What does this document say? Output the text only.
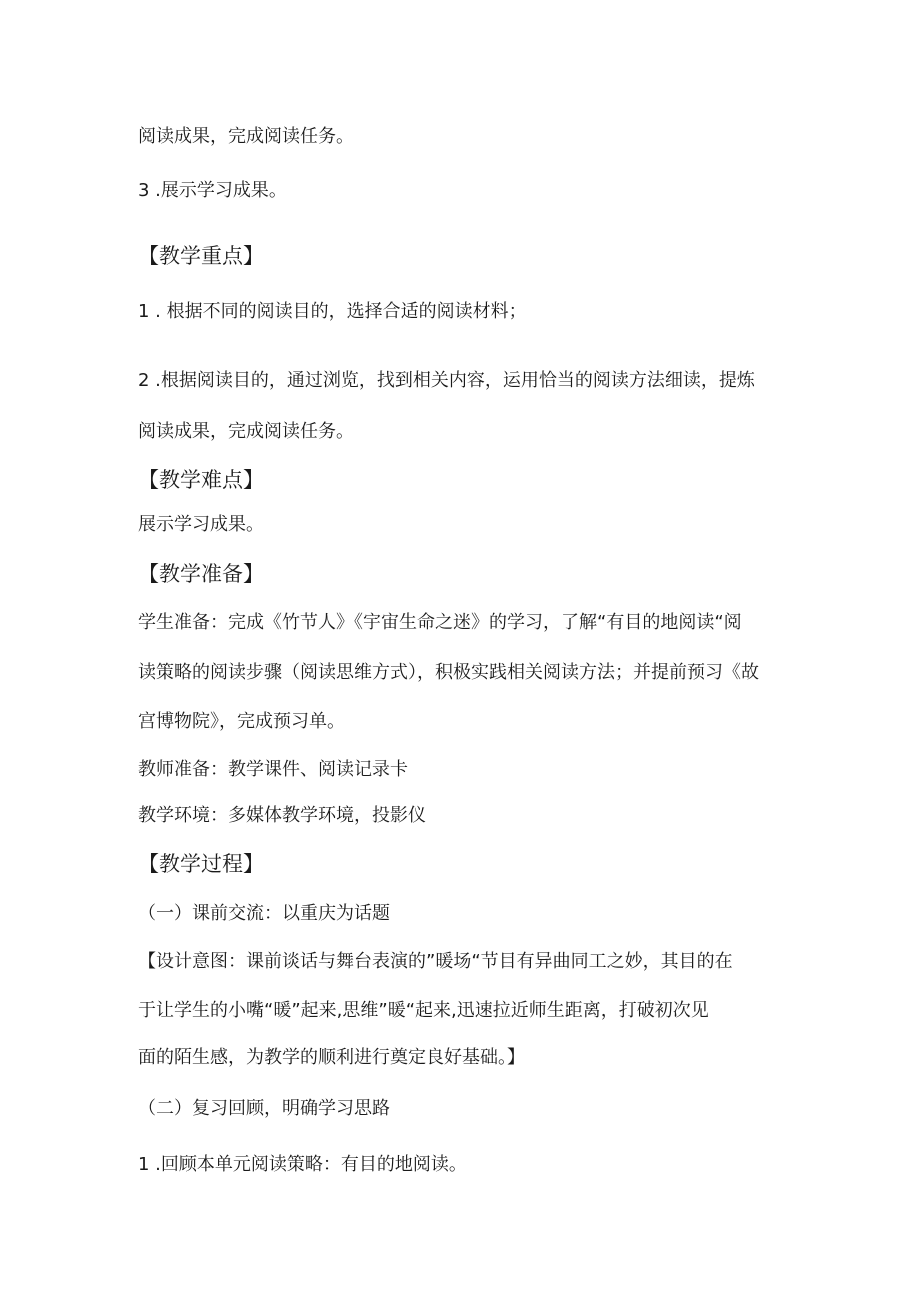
阅读成果，完成阅读任务。
3 .展示学习成果。
【教学重点】
1 . 根据不同的阅读目的，选择合适的阅读材料；
2 .根据阅读目的，通过浏览，找到相关内容，运用恰当的阅读方法细读，提炼
阅读成果，完成阅读任务。
【教学难点】
展示学习成果。
【教学准备】
学生准备：完成《竹节人》《宇宙生命之迷》的学习，了解“有目的地阅读“阅
读策略的阅读步骤（阅读思维方式），积极实践相关阅读方法；并提前预习《故
宫博物院》，完成预习单。
教师准备：教学课件、阅读记录卡
教学环境：多媒体教学环境，投影仪
【教学过程】
（一）课前交流：以重庆为话题
【设计意图：课前谈话与舞台表演的”暖场“节目有异曲同工之妙，其目的在
于让学生的小嘴“暖”起来,思维”暖“起来,迅速拉近师生距离，打破初次见
面的陌生感，为教学的顺利进行奠定良好基础。】
（二）复习回顾，明确学习思路
1 .回顾本单元阅读策略：有目的地阅读。
